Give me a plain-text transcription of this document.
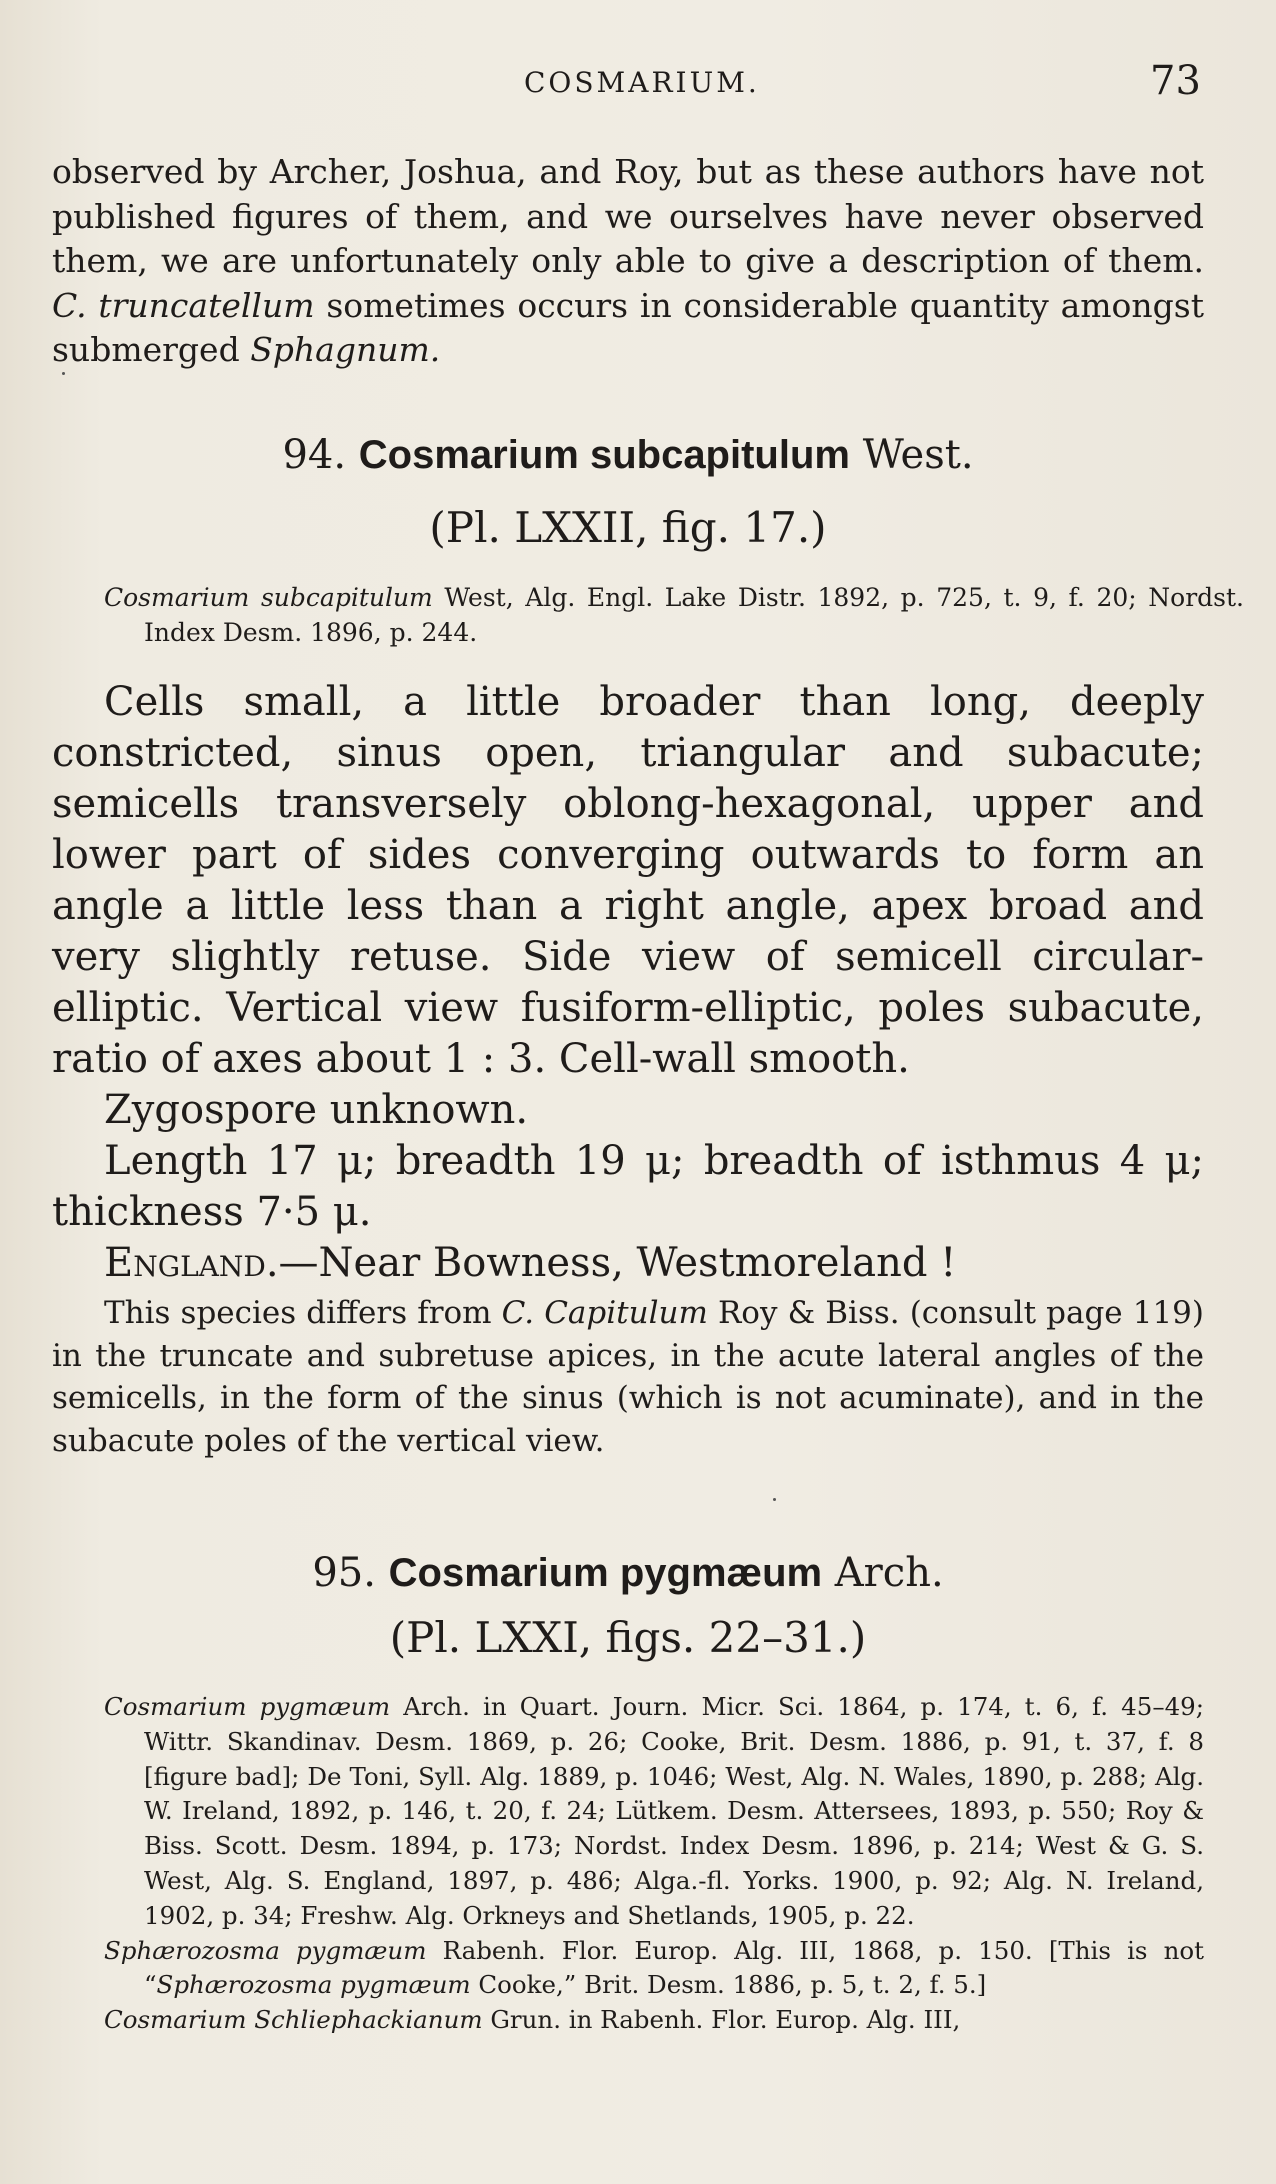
COSMARIUM.	73

observed by Archer, Joshua, and Roy, but as these authors have not published figures of them, and we ourselves have never observed them, we are unfortunately only able to give a description of them. C. truncatellum sometimes occurs in considerable quantity amongst submerged Sphagnum.

94. Cosmarium subcapitulum West.
(Pl. LXXII, fig. 17.)

Cosmarium subcapitulum West, Alg. Engl. Lake Distr. 1892, p. 725, t. 9, f. 20; Nordst. Index Desm. 1896, p. 244.

Cells small, a little broader than long, deeply constricted, sinus open, triangular and subacute; semicells transversely oblong-hexagonal, upper and lower part of sides converging outwards to form an angle a little less than a right angle, apex broad and very slightly retuse. Side view of semicell circular-elliptic. Vertical view fusiform-elliptic, poles subacute, ratio of axes about 1 : 3. Cell-wall smooth.

Zygospore unknown.

Length 17 μ; breadth 19 μ; breadth of isthmus 4 μ; thickness 7·5 μ.

England.—Near Bowness, Westmoreland !

This species differs from C. Capitulum Roy & Biss. (consult page 119) in the truncate and subretuse apices, in the acute lateral angles of the semicells, in the form of the sinus (which is not acuminate), and in the subacute poles of the vertical view.

95. Cosmarium pygmæum Arch.
(Pl. LXXI, figs. 22–31.)

Cosmarium pygmæum Arch. in Quart. Journ. Micr. Sci. 1864, p. 174, t. 6, f. 45–49; Wittr. Skandinav. Desm. 1869, p. 26; Cooke, Brit. Desm. 1886, p. 91, t. 37, f. 8 [figure bad]; De Toni, Syll. Alg. 1889, p. 1046; West, Alg. N. Wales, 1890, p. 288; Alg. W. Ireland, 1892, p. 146, t. 20, f. 24; Lütkem. Desm. Attersees, 1893, p. 550; Roy & Biss. Scott. Desm. 1894, p. 173; Nordst. Index Desm. 1896, p. 214; West & G. S. West, Alg. S. England, 1897, p. 486; Alga.-fl. Yorks. 1900, p. 92; Alg. N. Ireland, 1902, p. 34; Freshw. Alg. Orkneys and Shetlands, 1905, p. 22.

Sphærozosma pygmæum Rabenh. Flor. Europ. Alg. III, 1868, p. 150. [This is not “Sphærozosma pygmæum Cooke,” Brit. Desm. 1886, p. 5, t. 2, f. 5.]

Cosmarium Schliephackianum Grun. in Rabenh. Flor. Europ. Alg. III,
